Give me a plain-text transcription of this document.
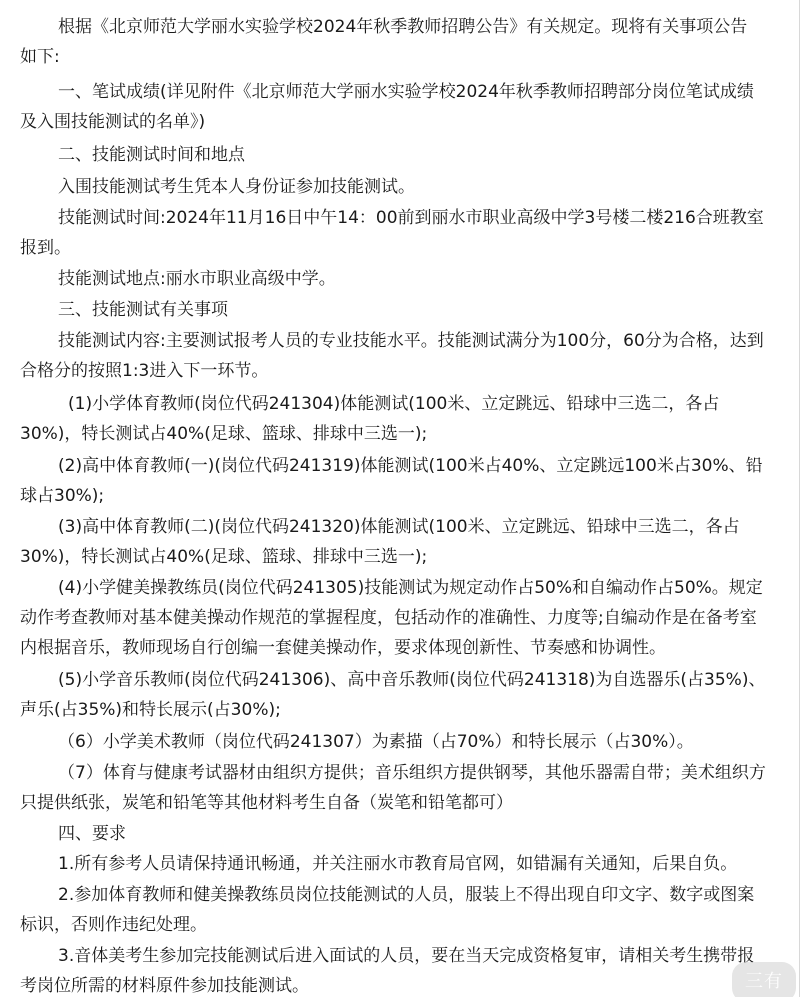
根据《北京师范大学丽水实验学校2024年秋季教师招聘公告》有关规定。现将有关事项公告

如下:

一、笔试成绩(详见附件《北京师范大学丽水实验学校2024年秋季教师招聘部分岗位笔试成绩

及入围技能测试的名单》)

二、技能测试时间和地点

入围技能测试考生凭本人身份证参加技能测试。

技能测试时间:2024年11月16日中午14：00前到丽水市职业高级中学3号楼二楼216合班教室

报到。

技能测试地点:丽水市职业高级中学。

三、技能测试有关事项

技能测试内容:主要测试报考人员的专业技能水平。技能测试满分为100分，60分为合格，达到

合格分的按照1:3进入下一环节。

(1)小学体育教师(岗位代码241304)体能测试(100米、立定跳远、铅球中三选二，各占

30%)，特长测试占40%(足球、篮球、排球中三选一);

(2)高中体育教师(一)(岗位代码241319)体能测试(100米占40%、立定跳远100米占30%、铅

球占30%);

(3)高中体育教师(二)(岗位代码241320)体能测试(100米、立定跳远、铅球中三选二，各占

30%)，特长测试占40%(足球、篮球、排球中三选一);

(4)小学健美操教练员(岗位代码241305)技能测试为规定动作占50%和自编动作占50%。规定

动作考查教师对基本健美操动作规范的掌握程度，包括动作的准确性、力度等;自编动作是在备考室

内根据音乐，教师现场自行创编一套健美操动作，要求体现创新性、节奏感和协调性。

(5)小学音乐教师(岗位代码241306)、高中音乐教师(岗位代码241318)为自选器乐(占35%)、

声乐(占35%)和特长展示(占30%);

（6）小学美术教师（岗位代码241307）为素描（占70%）和特长展示（占30%）。

（7）体育与健康考试器材由组织方提供；音乐组织方提供钢琴，其他乐器需自带；美术组织方

只提供纸张，炭笔和铅笔等其他材料考生自备（炭笔和铅笔都可）

四、要求

1.所有参考人员请保持通讯畅通，并关注丽水市教育局官网，如错漏有关通知，后果自负。

2.参加体育教师和健美操教练员岗位技能测试的人员，服装上不得出现自印文字、数字或图案

标识，否则作违纪处理。

3.音体美考生参加完技能测试后进入面试的人员，要在当天完成资格复审，请相关考生携带报

考岗位所需的材料原件参加技能测试。	三有
